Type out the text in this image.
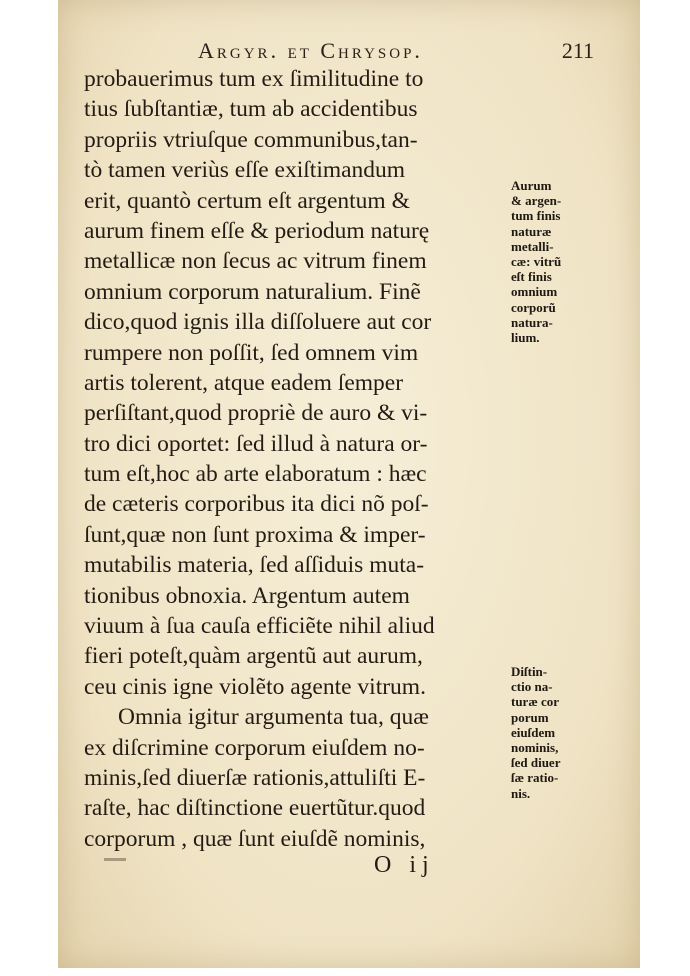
Argyr. et Chrysop.	211
probauerimus tum ex ſimilitudine to
tius ſubſtantiæ, tum ab accidentibus
propriis vtriuſque communibus,tan-
tò tamen veriùs eſſe exiſtimandum
erit, quantò certum eſt argentum &
aurum finem eſſe & periodum naturę
metallicæ non ſecus ac vitrum finem
omnium corporum naturalium. Finẽ
dico,quod ignis illa diſſoluere aut cor
rumpere non poſſit, ſed omnem vim
artis tolerent, atque eadem ſemper
perſiſtant,quod propriè de auro & vi-
tro dici oportet: ſed illud à natura or-
tum eſt,hoc ab arte elaboratum : hæc
de cæteris corporibus ita dici nõ poſ-
ſunt,quæ non ſunt proxima & imper-
mutabilis materia, ſed aſſiduis muta-
tionibus obnoxia. Argentum autem
viuum à ſua cauſa efficiẽte nihil aliud
fieri poteſt,quàm argentũ aut aurum,
ceu cinis igne violẽto agente vitrum.
Omnia igitur argumenta tua, quæ
ex diſcrimine corporum eiuſdem no-
minis,ſed diuerſæ rationis,attuliſti E-
raſte, hac diſtinctione euertũtur.quod
corporum , quæ ſunt eiuſdẽ nominis,
Aurum
& argen-
tum finis
naturæ
metalli-
cæ: vitrũ
eſt finis
omnium
corporũ
natura-
lium.
Diſtin-
ctio na-
turæ cor
porum
eiuſdem
nominis,
ſed diuer
ſæ ratio-
nis.
O ij
